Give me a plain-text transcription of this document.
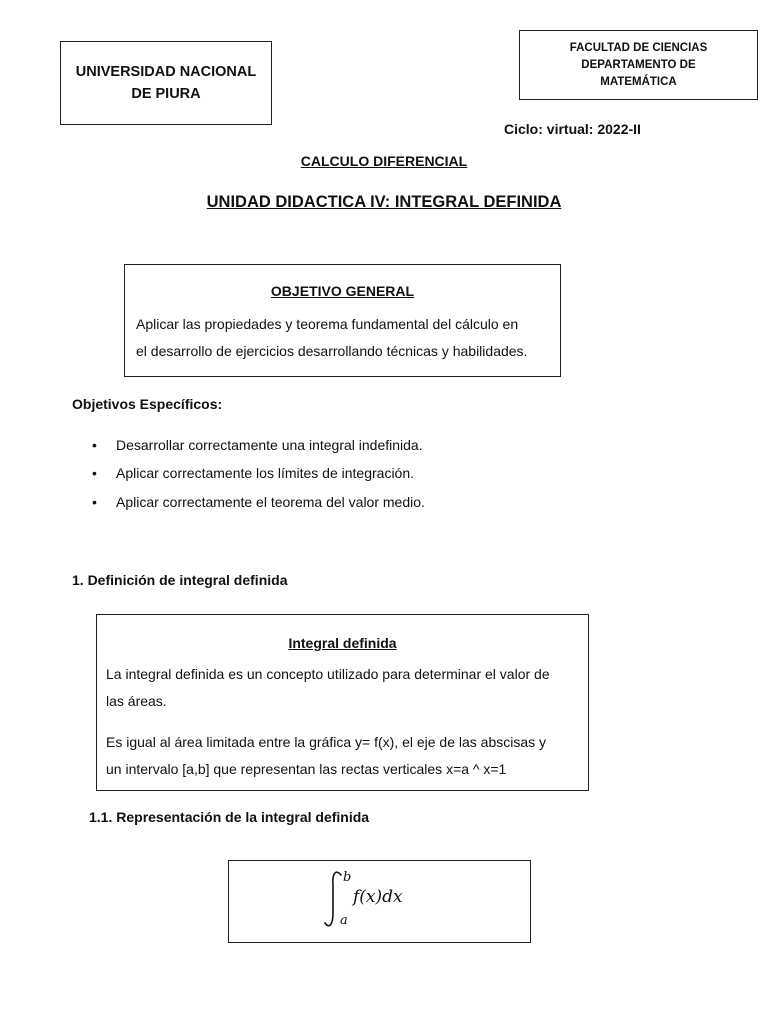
UNIVERSIDAD NACIONAL
DE PIURA
FACULTAD DE CIENCIAS
DEPARTAMENTO DE
MATEMÁTICA
Ciclo: virtual: 2022-II
CALCULO DIFERENCIAL
UNIDAD DIDACTICA IV: INTEGRAL DEFINIDA
OBJETIVO GENERAL
Aplicar las propiedades y teorema fundamental del cálculo en
el desarrollo de ejercicios desarrollando técnicas y habilidades.
Objetivos Específicos:
• Desarrollar correctamente una integral indefinida.
• Aplicar correctamente los límites de integración.
• Aplicar correctamente el teorema del valor medio.
1. Definición de integral definida
Integral definida
La integral definida es un concepto utilizado para determinar el valor de
las áreas.
Es igual al área limitada entre la gráfica y= f(x), el eje de las abscisas y
un intervalo [a,b] que representan las rectas verticales x=a ^ x=1
1.1. Representación de la integral definida
b
a
f(x)dx
